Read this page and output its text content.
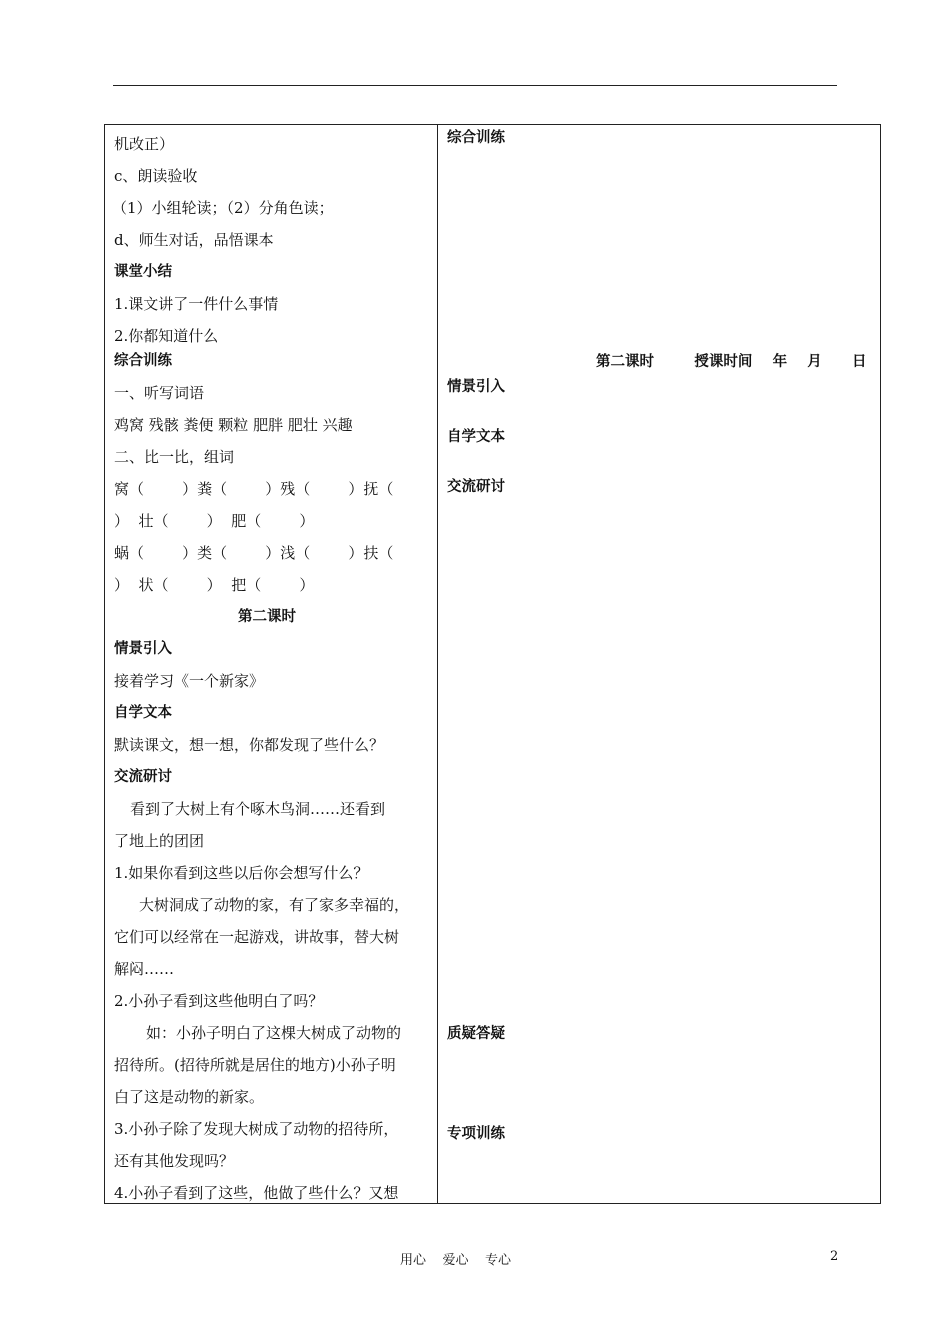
机改正）
c、朗读验收
（1）小组轮读；（2）分角色读；
d、师生对话，品悟课本
课堂小结
1.课文讲了一件什么事情
2.你都知道什么
综合训练
一、听写词语
鸡窝 残骸 粪便 颗粒 肥胖 肥壮 兴趣
二、比一比，组词
窝（        ）粪（        ）残（        ）抚（
）  壮（        ）  肥（        ）
蜗（        ）类（        ）浅（        ）扶（
）  状（        ）  把（        ）
第二课时
情景引入
接着学习《一个新家》
自学文本
默读课文，想一想，你都发现了些什么？
交流研讨
看到了大树上有个啄木鸟洞……还看到
了地上的团团
1.如果你看到这些以后你会想写什么？
大树洞成了动物的家，有了家多幸福的，
它们可以经常在一起游戏，讲故事，替大树
解闷……
2.小孙子看到这些他明白了吗？
如：小孙子明白了这棵大树成了动物的
招待所。(招待所就是居住的地方)小孙子明
白了这是动物的新家。
3.小孙子除了发现大树成了动物的招待所，
还有其他发现吗？
4.小孙子看到了这些，他做了些什么？又想
综合训练
第二课时        授课时间    年    月      日
情景引入
自学文本
交流研讨
质疑答疑
专项训练
用心    爱心    专心	2
